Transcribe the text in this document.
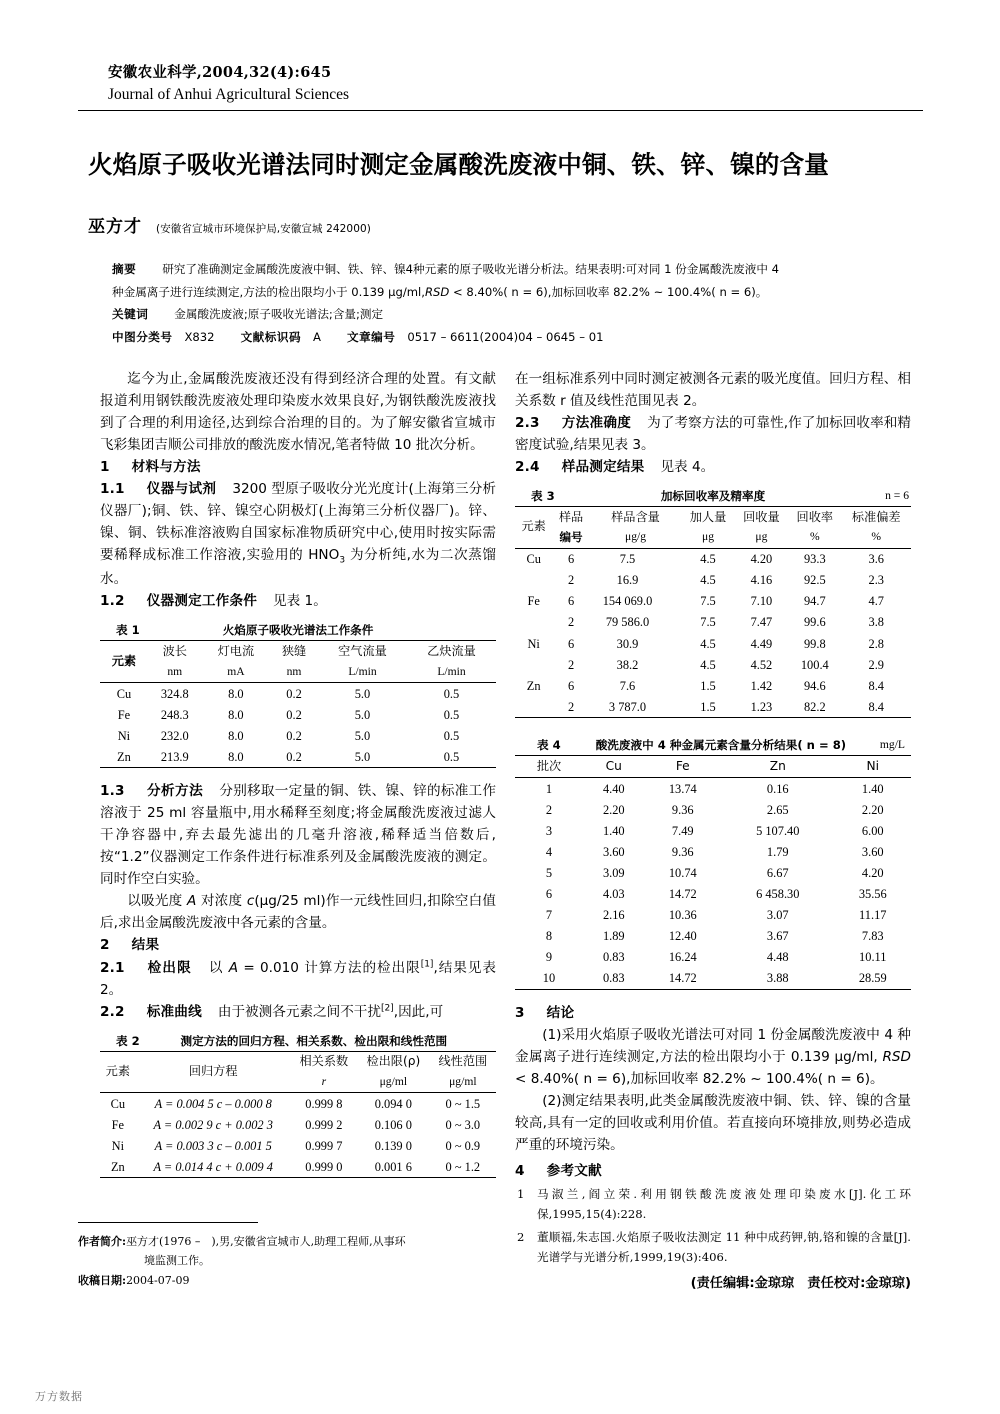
安徽农业科学,2004,32(4):645
Journal of Anhui Agricultural Sciences
火焰原子吸收光谱法同时测定金属酸洗废液中铜、铁、锌、镍的含量
巫方才 (安徽省宣城市环境保护局,安徽宣城 242000)
摘要 研究了准确测定金属酸洗废液中铜、铁、锌、镍4种元素的原子吸收光谱分析法。结果表明:可对同 1 份金属酸洗废液中 4
种金属离子进行连续测定,方法的检出限均小于 0.139 μg/ml,RSD < 8.40%( n = 6),加标回收率 82.2% ~ 100.4%( n = 6)。
关键词 金属酸洗废液;原子吸收光谱法;含量;测定
中图分类号 X832 文献标识码 A 文章编号 0517 – 6611(2004)04 – 0645 – 01

迄今为止,金属酸洗废液还没有得到经济合理的处置。有文献报道利用钢铁酸洗废液处理印染废水效果良好,为钢铁酸洗废液找到了合理的利用途径,达到综合治理的目的。为了解安徽省宣城市飞彩集团吉顺公司排放的酸洗废水情况,笔者特做 10 批次分析。

1 材料与方法

1.1 仪器与试剂 3200 型原子吸收分光光度计(上海第三分析仪器厂);铜、铁、锌、镍空心阴极灯(上海第三分析仪器厂)。锌、镍、铜、铁标准溶液购自国家标准物质研究中心,使用时按实际需要稀释成标准工作溶液,实验用的 $HNO_3$ 为分析纯,水为二次蒸馏水。

1.2 仪器测定工作条件 见表 1。

表 1	火焰原子吸收光谱法工作条件
元素	波长	灯电流	狭缝	空气流量	乙炔流量
	nm	mA	nm	L/min	L/min
Cu	324.8	8.0	0.2	5.0	0.5
Fe	248.3	8.0	0.2	5.0	0.5
Ni	232.0	8.0	0.2	5.0	0.5
Zn	213.9	8.0	0.2	5.0	0.5

1.3 分析方法 分别移取一定量的铜、铁、镍、锌的标准工作溶液于 25 ml 容量瓶中,用水稀释至刻度;将金属酸洗废液过滤人干净容器中,弃去最先滤出的几毫升溶液,稀释适当倍数后,按“1.2”仪器测定工作条件进行标准系列及金属酸洗废液的测定。同时作空白实验。

以吸光度 A 对浓度 c(μg/25 ml)作一元线性回归,扣除空白值后,求出金属酸洗废液中各元素的含量。

2 结果

2.1 检出限 以 A = 0.010 计算方法的检出限[1],结果见表 2。

2.2 标准曲线 由于被测各元素之间不干扰[2],因此,可

表 2	测定方法的回归方程、相关系数、检出限和线性范围
元素	回归方程	相关系数	检出限(ρ)	线性范围
		r	μg/ml	μg/ml
Cu	A = 0.004 5 c – 0.000 8	0.999 8	0.094 0	0 ~ 1.5
Fe	A = 0.002 9 c + 0.002 3	0.999 2	0.106 0	0 ~ 3.0
Ni	A = 0.003 3 c – 0.001 5	0.999 7	0.139 0	0 ~ 0.9
Zn	A = 0.014 4 c + 0.009 4	0.999 0	0.001 6	0 ~ 1.2

在一组标准系列中同时测定被测各元素的吸光度值。回归方程、相关系数 r 值及线性范围见表 2。

2.3 方法准确度 为了考察方法的可靠性,作了加标回收率和精密度试验,结果见表 3。

2.4 样品测定结果 见表 4。

表 3	加标回收率及精率度	n = 6
元素	样品	样品含量	加人量	回收量	回收率	标准偏差
	编号	μg/g	μg	μg	%	%
Cu	6	7.5	4.5	4.20	93.3	3.6
	2	16.9	4.5	4.16	92.5	2.3
Fe	6	154 069.0	7.5	7.10	94.7	4.7
	2	79 586.0	7.5	7.47	99.6	3.8
Ni	6	30.9	4.5	4.49	99.8	2.8
	2	38.2	4.5	4.52	100.4	2.9
Zn	6	7.6	1.5	1.42	94.6	8.4
	2	3 787.0	1.5	1.23	82.2	8.4
表 4	酸洗废液中 4 种金属元素含量分析结果( n = 8)	mg/L
批次	Cu	Fe	Zn	Ni
1	4.40	13.74	0.16	1.40
2	2.20	9.36	2.65	2.20
3	1.40	7.49	5 107.40	6.00
4	3.60	9.36	1.79	3.60
5	3.09	10.74	6.67	4.20
6	4.03	14.72	6 458.30	35.56
7	2.16	10.36	3.07	11.17
8	1.89	12.40	3.67	7.83
9	0.83	16.24	4.48	10.11
10	0.83	14.72	3.88	28.59

3 结论

(1)采用火焰原子吸收光谱法可对同 1 份金属酸洗废液中 4 种金属离子进行连续测定,方法的检出限均小于 0.139 μg/ml, RSD < 8.40%( n = 6),加标回收率 82.2% ~ 100.4%( n = 6)。

(2)测定结果表明,此类金属酸洗废液中铜、铁、锌、镍的含量较高,具有一定的回收或利用价值。若直接向环境排放,则势必造成严重的环境污染。

4 参考文献

1 马淑兰,阎立荣.利用钢铁酸洗废液处理印染废水[J].化工环保,1995,15(4):228.
2 董顺福,朱志国.火焰原子吸收法测定 11 种中成药钾,钠,铬和镍的含量[J].光谱学与光谱分析,1999,19(3):406.
(责任编辑:金琼琼　责任校对:金琼琼)
作者简介:巫方才(1976 –　),男,安徽省宣城市人,助理工程师,从事环
境监测工作。
收稿日期:2004-07-09
万方数据
